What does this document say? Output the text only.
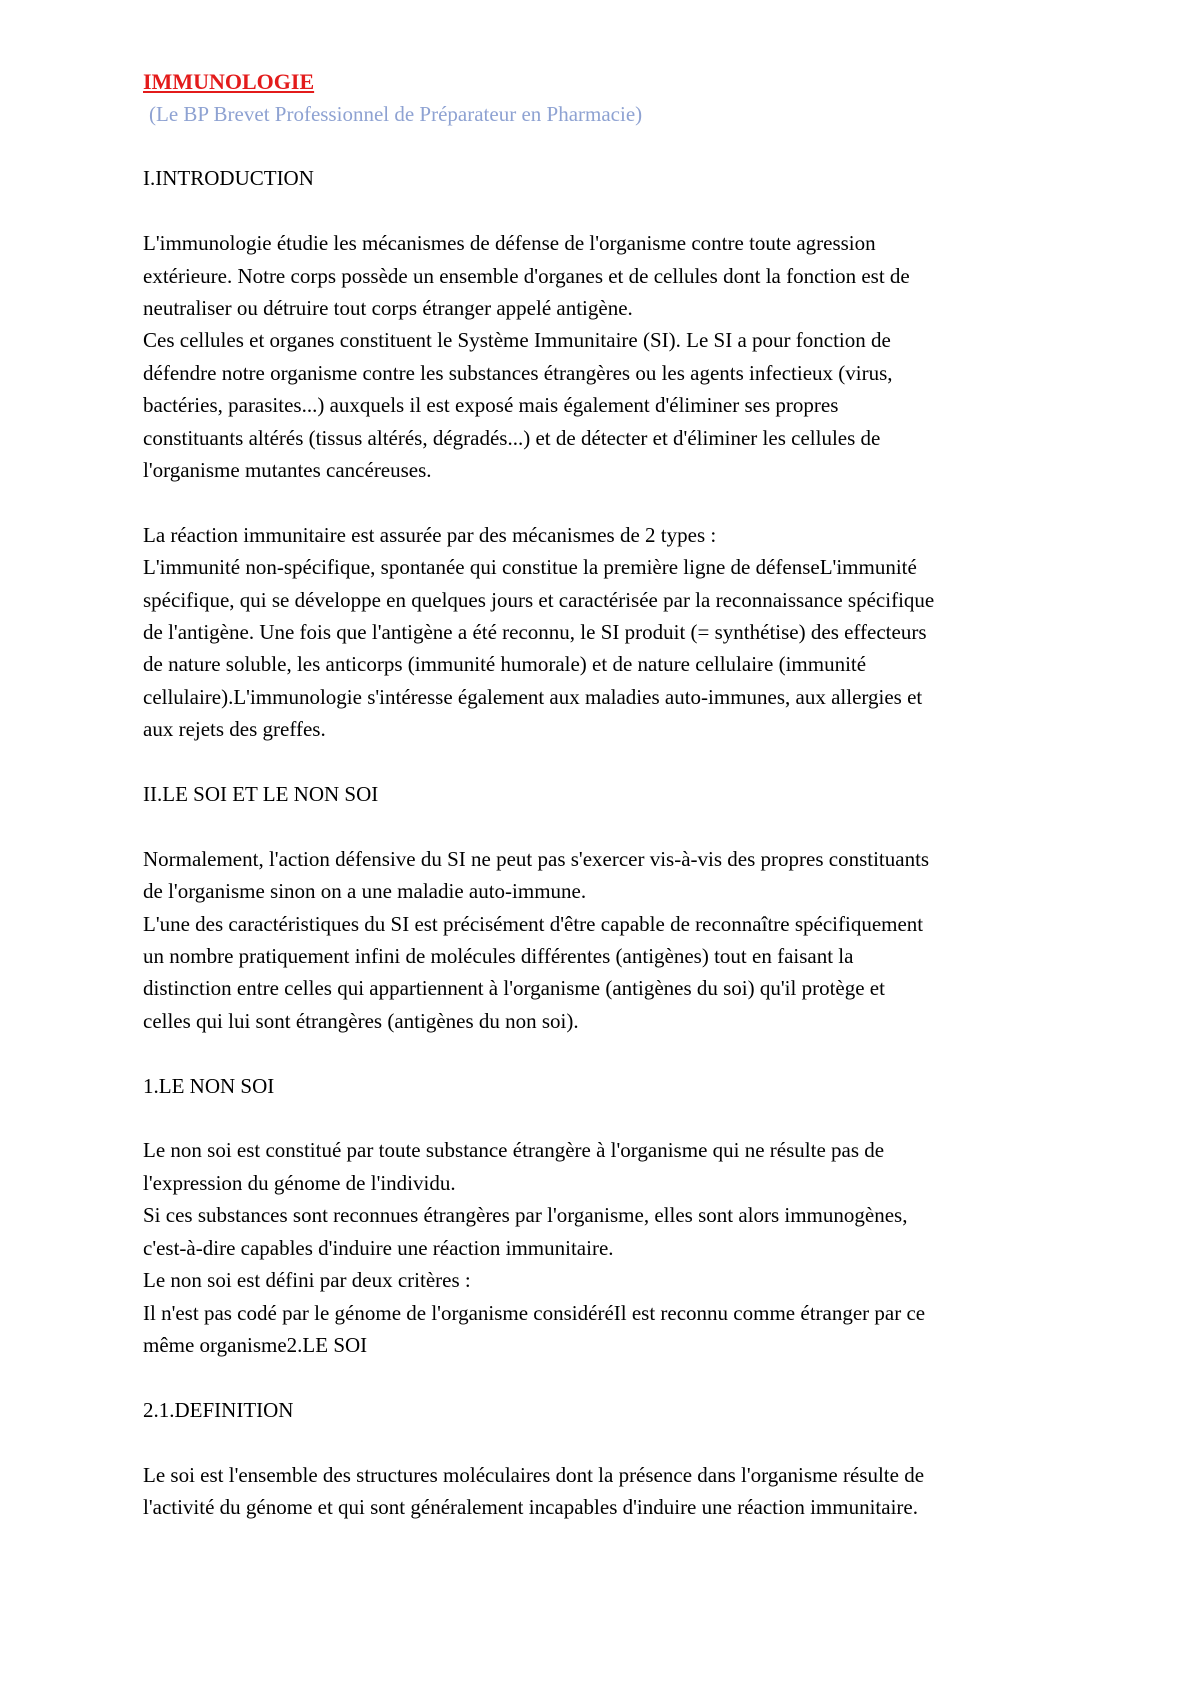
IMMUNOLOGIE
(Le BP Brevet Professionnel de Préparateur en Pharmacie)
I.INTRODUCTION
L'immunologie étudie les mécanismes de défense de l'organisme contre toute agression
extérieure. Notre corps possède un ensemble d'organes et de cellules dont la fonction est de
neutraliser ou détruire tout corps étranger appelé antigène.
Ces cellules et organes constituent le Système Immunitaire (SI). Le SI a pour fonction de
défendre notre organisme contre les substances étrangères ou les agents infectieux (virus,
bactéries, parasites...) auxquels il est exposé mais également d'éliminer ses propres
constituants altérés (tissus altérés, dégradés...) et de détecter et d'éliminer les cellules de
l'organisme mutantes cancéreuses.
La réaction immunitaire est assurée par des mécanismes de 2 types :
L'immunité non-spécifique, spontanée qui constitue la première ligne de défenseL'immunité
spécifique, qui se développe en quelques jours et caractérisée par la reconnaissance spécifique
de l'antigène. Une fois que l'antigène a été reconnu, le SI produit (= synthétise) des effecteurs
de nature soluble, les anticorps (immunité humorale) et de nature cellulaire (immunité
cellulaire).L'immunologie s'intéresse également aux maladies auto-immunes, aux allergies et
aux rejets des greffes.
II.LE SOI ET LE NON SOI
Normalement, l'action défensive du SI ne peut pas s'exercer vis-à-vis des propres constituants
de l'organisme sinon on a une maladie auto-immune.
L'une des caractéristiques du SI est précisément d'être capable de reconnaître spécifiquement
un nombre pratiquement infini de molécules différentes (antigènes) tout en faisant la
distinction entre celles qui appartiennent à l'organisme (antigènes du soi) qu'il protège et
celles qui lui sont étrangères (antigènes du non soi).
1.LE NON SOI
Le non soi est constitué par toute substance étrangère à l'organisme qui ne résulte pas de
l'expression du génome de l'individu.
Si ces substances sont reconnues étrangères par l'organisme, elles sont alors immunogènes,
c'est-à-dire capables d'induire une réaction immunitaire.
Le non soi est défini par deux critères :
Il n'est pas codé par le génome de l'organisme considéréIl est reconnu comme étranger par ce
même organisme2.LE SOI
2.1.DEFINITION
Le soi est l'ensemble des structures moléculaires dont la présence dans l'organisme résulte de
l'activité du génome et qui sont généralement incapables d'induire une réaction immunitaire.
